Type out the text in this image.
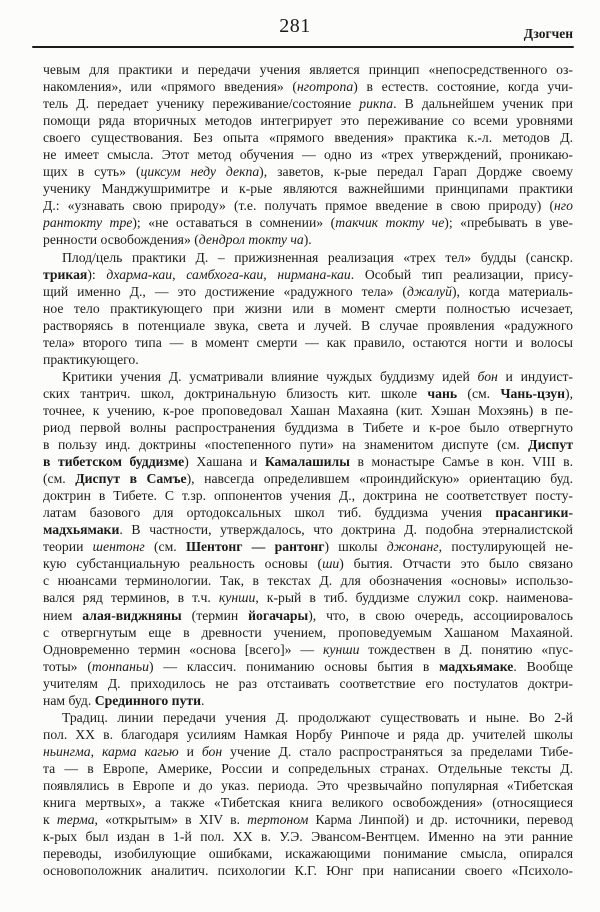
281	Дзогчен
чевым для практики и передачи учения является принцип «непосредственного оз-
накомления», или «прямого введения» (нготропа) в естеств. состояние, когда учи-
тель Д. передает ученику переживание/состояние рикпа. В дальнейшем ученик при
помощи ряда вторичных методов интегрирует это переживание со всеми уровнями
своего существования. Без опыта «прямого введения» практика к.-л. методов Д.
не имеет смысла. Этот метод обучения — одно из «трех утверждений, проникаю-
щих в суть» (циксум неду декпа), заветов, к-рые передал Гарап Дордже своему
ученику Манджушримитре и к-рые являются важнейшими принципами практики
Д.: «узнавать свою природу» (т.е. получать прямое введение в свою природу) (нго
рантокту тре); «не оставаться в сомнении» (такчик токту че); «пребывать в уве-
ренности освобождения» (дендрол токту ча).
Плод/цель практики Д. – прижизненная реализация «трех тел» будды (санскр.
трикая): дхарма-каи, самбхога-каи, нирмана-каи. Особый тип реализации, прису-
щий именно Д., — это достижение «радужного тела» (джалуй), когда материаль-
ное тело практикующего при жизни или в момент смерти полностью исчезает,
растворяясь в потенциале звука, света и лучей. В случае проявления «радужного
тела» второго типа — в момент смерти — как правило, остаются ногти и волосы
практикующего.
Критики учения Д. усматривали влияние чуждых буддизму идей бон и индуист-
ских тантрич. школ, доктринальную близость кит. школе чань (см. Чань-цзун),
точнее, к учению, к-рое проповедовал Хашан Махаяна (кит. Хэшан Мохэянь) в пе-
риод первой волны распространения буддизма в Тибете и к-рое было отвергнуто
в пользу инд. доктрины «постепенного пути» на знаменитом диспуте (см. Диспут
в тибетском буддизме) Хашана и Камалашилы в монастыре Самъе в кон. VIII в.
(см. Диспут в Самъе), навсегда определившем «проиндийскую» ориентацию буд.
доктрин в Тибете. С т.зр. оппонентов учения Д., доктрина не соответствует посту-
латам базового для ортодоксальных школ тиб. буддизма учения прасангики-
мадхьямаки. В частности, утверждалось, что доктрина Д. подобна этерналистской
теории шентонг (см. Шентонг — рантонг) школы джонанг, постулирующей не-
кую субстанциальную реальность основы (ши) бытия. Отчасти это было связано
с нюансами терминологии. Так, в текстах Д. для обозначения «основы» использо-
вался ряд терминов, в т.ч. кунши, к-рый в тиб. буддизме служил сокр. наименова-
нием алая-виджняны (термин йогачары), что, в свою очередь, ассоциировалось
с отвергнутым еще в древности учением, проповедуемым Хашаном Махаяной.
Одновременно термин «основа [всего]» — кунши тождествен в Д. понятию «пус-
тоты» (тонпаньи) — классич. пониманию основы бытия в мадхьямаке. Вообще
учителям Д. приходилось не раз отстаивать соответствие его постулатов доктри-
нам буд. Срединного пути.
Традиц. линии передачи учения Д. продолжают существовать и ныне. Во 2-й
пол. XX в. благодаря усилиям Намкая Норбу Ринпоче и ряда др. учителей школы
ньингма, карма кагью и бон учение Д. стало распространяться за пределами Тибе-
та — в Европе, Америке, России и сопредельных странах. Отдельные тексты Д.
появлялись в Европе и до указ. периода. Это чрезвычайно популярная «Тибетская
книга мертвых», а также «Тибетская книга великого освобождения» (относящиеся
к терма, «открытым» в XIV в. тертоном Карма Линпой) и др. источники, перевод
к-рых был издан в 1-й пол. XX в. У.Э. Эвансом-Вентцем. Именно на эти ранние
переводы, изобилующие ошибками, искажающими понимание смысла, опирался
основоположник аналитич. психологии К.Г. Юнг при написании своего «Психоло-
